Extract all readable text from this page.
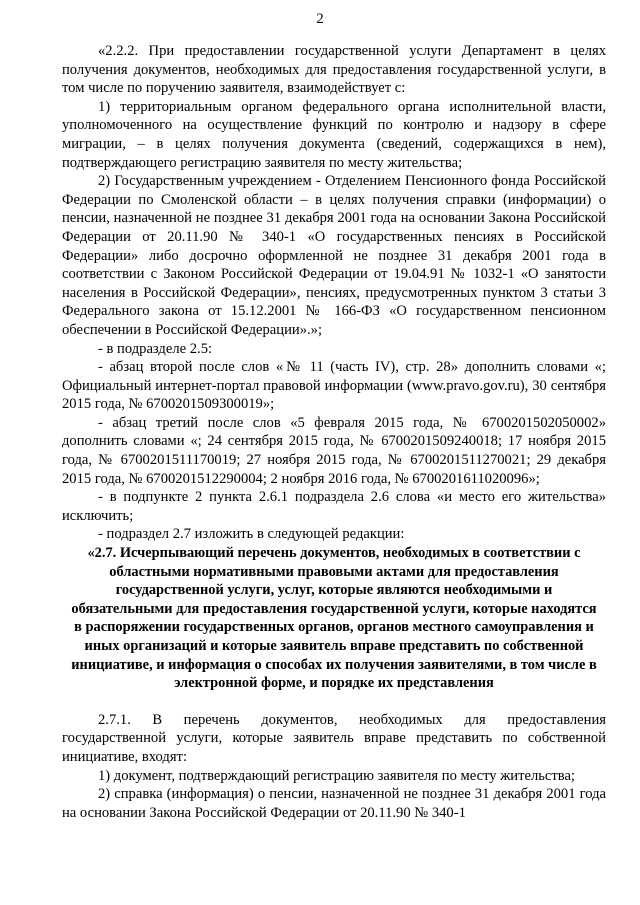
2

«2.2.2. При предоставлении государственной услуги Департамент в целях получения документов, необходимых для предоставления государственной услуги, в том числе по поручению заявителя, взаимодействует с:

1) территориальным органом федерального органа исполнительной власти, уполномоченного на осуществление функций по контролю и надзору в сфере миграции, – в целях получения документа (сведений, содержащихся в нем), подтверждающего регистрацию заявителя по месту жительства;

2) Государственным учреждением - Отделением Пенсионного фонда Российской Федерации по Смоленской области – в целях получения справки (информации) о пенсии, назначенной не позднее 31 декабря 2001 года на основании Закона Российской Федерации от 20.11.90 № 340-1 «О государственных пенсиях в Российской Федерации» либо досрочно оформленной не позднее 31 декабря 2001 года в соответствии с Законом Российской Федерации от 19.04.91 № 1032-1 «О занятости населения в Российской Федерации», пенсиях, предусмотренных пунктом 3 статьи 3 Федерального закона от 15.12.2001 № 166-ФЗ «О государственном пенсионном обеспечении в Российской Федерации».»;

- в подразделе 2.5:

- абзац второй после слов «№ 11 (часть IV), стр. 28» дополнить словами «; Официальный интернет-портал правовой информации (www.pravo.gov.ru), 30 сентября 2015 года, № 6700201509300019»;

- абзац третий после слов «5 февраля 2015 года, № 6700201502050002» дополнить словами «; 24 сентября 2015 года, № 6700201509240018; 17 ноября 2015 года, № 6700201511170019; 27 ноября 2015 года, № 6700201511270021; 29 декабря 2015 года, № 6700201512290004; 2 ноября 2016 года, № 6700201611020096»;

- в подпункте 2 пункта 2.6.1 подраздела 2.6 слова «и место его жительства» исключить;

- подраздел 2.7 изложить в следующей редакции:

«2.7. Исчерпывающий перечень документов, необходимых в соответствии с областными нормативными правовыми актами для предоставления государственной услуги, услуг, которые являются необходимыми и обязательными для предоставления государственной услуги, которые находятся в распоряжении государственных органов, органов местного самоуправления и иных организаций и которые заявитель вправе представить по собственной инициативе, и информация о способах их получения заявителями, в том числе в электронной форме, и порядке их представления

2.7.1. В перечень документов, необходимых для предоставления государственной услуги, которые заявитель вправе представить по собственной инициативе, входят:

1) документ, подтверждающий регистрацию заявителя по месту жительства;

2) справка (информация) о пенсии, назначенной не позднее 31 декабря 2001 года на основании Закона Российской Федерации от 20.11.90 № 340-1
